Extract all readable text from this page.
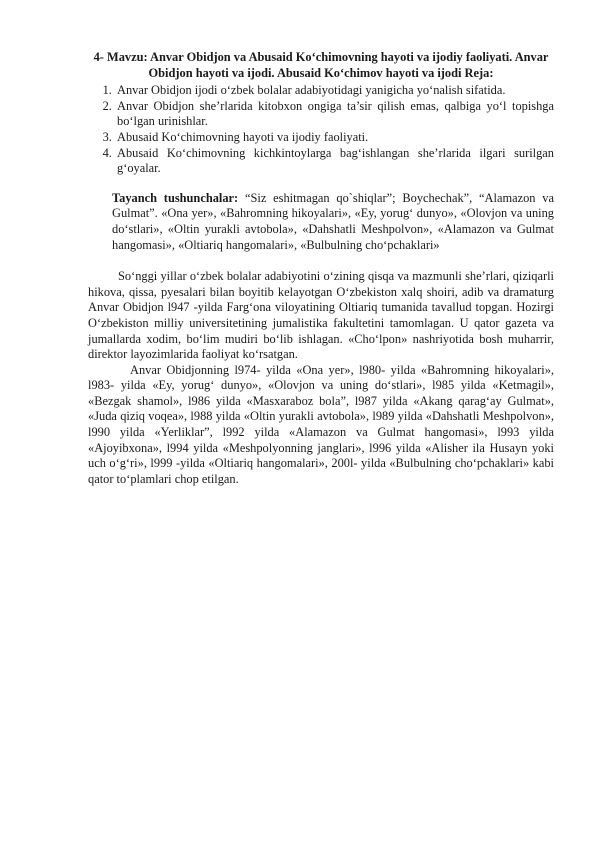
4- Mavzu: Anvar Obidjon va Abusaid Ko‘chimovning hayoti va ijodiy faoliyati. Anvar Obidjon hayoti va ijodi. Abusaid Ko‘chimov hayoti va ijodi Reja:

1. Anvar Obidjon ijodi o‘zbek bolalar adabiyotidagi yanigicha yo‘nalish sifatida.
2. Anvar Obidjon she’rlarida kitobxon ongiga ta’sir qilish emas, qalbiga yo‘l topishga bo‘lgan urinishlar.
3. Abusaid Ko‘chimovning hayoti va ijodiy faoliyati.
4. Abusaid Ko‘chimovning kichkintoylarga bag‘ishlangan she’rlarida ilgari surilgan g‘oyalar.

Tayanch tushunchalar: “Siz eshitmagan qo`shiqlar”; Boychechak”, “Alamazon va Gulmat”. «Ona yer», «Bahromning hikoyalari», «Ey, yorug‘ dunyo», «Olovjon va uning do‘stlari», «Oltin yurakli avtobola», «Dahshatli Meshpolvon», «Alamazon va Gulmat hangomasi», «Oltiariq hangomalari», «Bulbulning cho‘pchaklari»

So‘nggi yillar o‘zbek bolalar adabiyotini o‘zining qisqa va mazmunli she’rlari, qiziqarli hikova, qissa, pyesalari bilan boyitib kelayotgan O‘zbekiston xalq shoiri, adib va dramaturg Anvar Obidjon l947 -yilda Farg‘ona viloyatining Oltiariq tumanida tavallud topgan. Hozirgi O‘zbekiston milliy universitetining jumalistika fakultetini tamomlagan. U qator gazeta va jumallarda xodim, bo‘lim mudiri bo‘lib ishlagan. «Cho‘lpon» nashriyotida bosh muharrir, direktor layozimlarida faoliyat ko‘rsatgan.

Anvar Obidjonning l974- yilda «Ona yer», l980- yilda «Bahromning hikoyalari», l983- yilda «Ey, yorug‘ dunyo», «Olovjon va uning do‘stlari», l985 yilda «Ketmagil», «Bezgak shamol», l986 yilda «Masxaraboz bola”, l987 yilda «Akang qarag‘ay Gulmat», «Juda qiziq voqea», l988 yilda «Oltin yurakli avtobola», l989 yilda «Dahshatli Meshpolvon», l990 yilda «Yerliklar”, l992 yilda «Alamazon va Gulmat hangomasi», l993 yilda «Ajoyibxona», l994 yilda «Meshpolyonning janglari», l996 yilda «Alisher ila Husayn yoki uch o‘g‘ri», l999 -yilda «Oltiariq hangomalari», 200l- yilda «Bulbulning cho‘pchaklari» kabi qator to‘plamlari chop etilgan.
